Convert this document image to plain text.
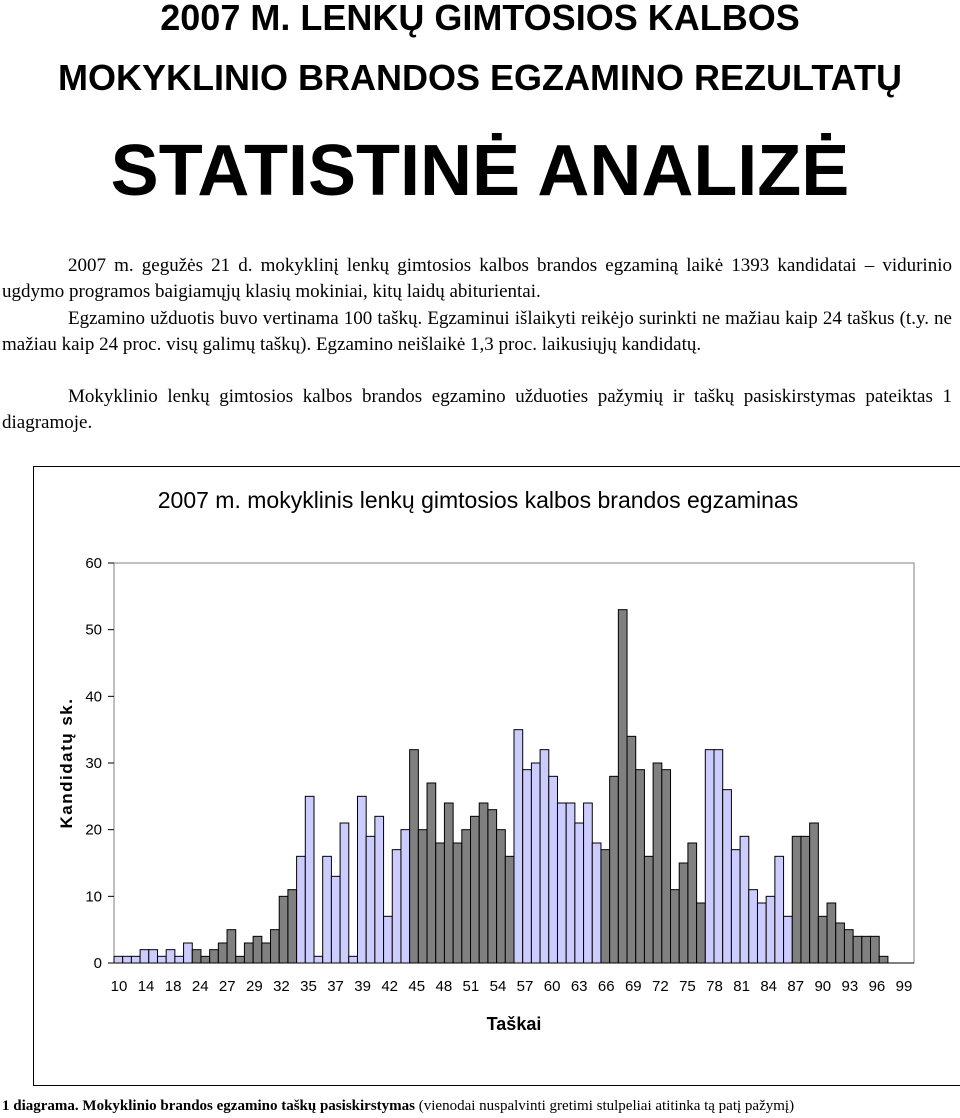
2007 M. LENKŲ GIMTOSIOS KALBOS
MOKYKLINIO BRANDOS EGZAMINO REZULTATŲ
STATISTINĖ ANALIZĖ

2007 m. gegužės 21 d. mokyklinį lenkų gimtosios kalbos brandos egzaminą laikė 1393 kandidatai – vidurinio ugdymo programos baigiamųjų klasių mokiniai, kitų laidų abiturientai.

Egzamino užduotis buvo vertinama 100 taškų. Egzaminui išlaikyti reikėjo surinkti ne mažiau kaip 24 taškus (t.y. ne mažiau kaip 24 proc. visų galimų taškų). Egzamino neišlaikė 1,3 proc. laikusiųjų kandidatų.

Mokyklinio lenkų gimtosios kalbos brandos egzamino užduoties pažymių ir taškų pasiskirstymas pateiktas 1 diagramoje.

2007 m. mokyklinis lenkų gimtosios kalbos brandos egzaminas
0
10
20
30
40
50
60
10 14 18 24 27 29 32 35 37 39 42 45 48 51 54 57 60 63 66 69 72 75 78 81 84 87 90 93 96 99
Kandidatų sk.
Taškai

1 diagrama. Mokyklinio brandos egzamino taškų pasiskirstymas (vienodai nuspalvinti gretimi stulpeliai atitinka tą patį pažymį)
